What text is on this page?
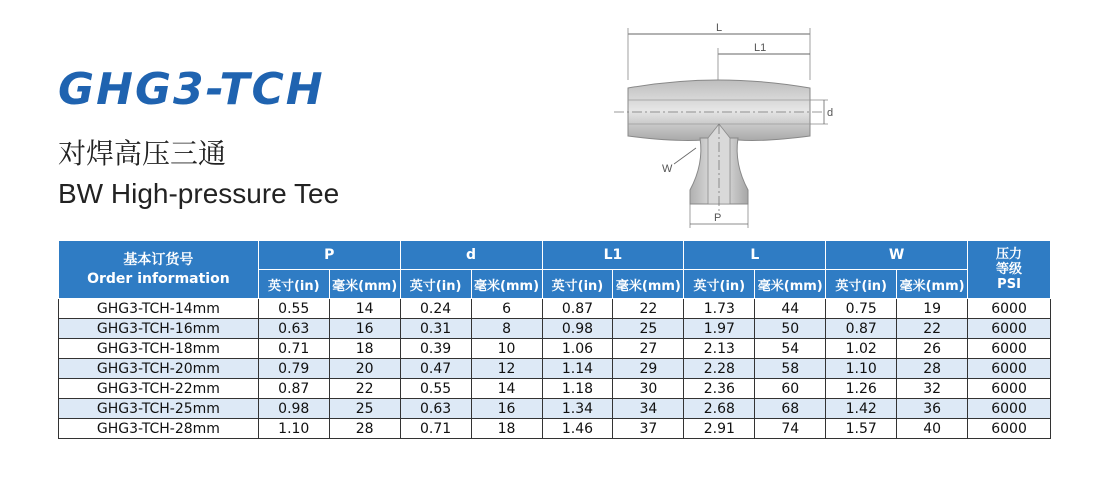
GHG3-TCH
对焊高压三通
BW High-pressure Tee
L
L1
d
W
P
基本订货号
Order information	P		d		L1		L		W		压力
等级
PSI
	英寸(in)	毫米(mm)	英寸(in)	毫米(mm)	英寸(in)	毫米(mm)	英寸(in)	毫米(mm)	英寸(in)	毫米(mm)	
GHG3-TCH-14mm	0.55	14	0.24	6	0.87	22	1.73	44	0.75	19	6000
GHG3-TCH-16mm	0.63	16	0.31	8	0.98	25	1.97	50	0.87	22	6000
GHG3-TCH-18mm	0.71	18	0.39	10	1.06	27	2.13	54	1.02	26	6000
GHG3-TCH-20mm	0.79	20	0.47	12	1.14	29	2.28	58	1.10	28	6000
GHG3-TCH-22mm	0.87	22	0.55	14	1.18	30	2.36	60	1.26	32	6000
GHG3-TCH-25mm	0.98	25	0.63	16	1.34	34	2.68	68	1.42	36	6000
GHG3-TCH-28mm	1.10	28	0.71	18	1.46	37	2.91	74	1.57	40	6000
